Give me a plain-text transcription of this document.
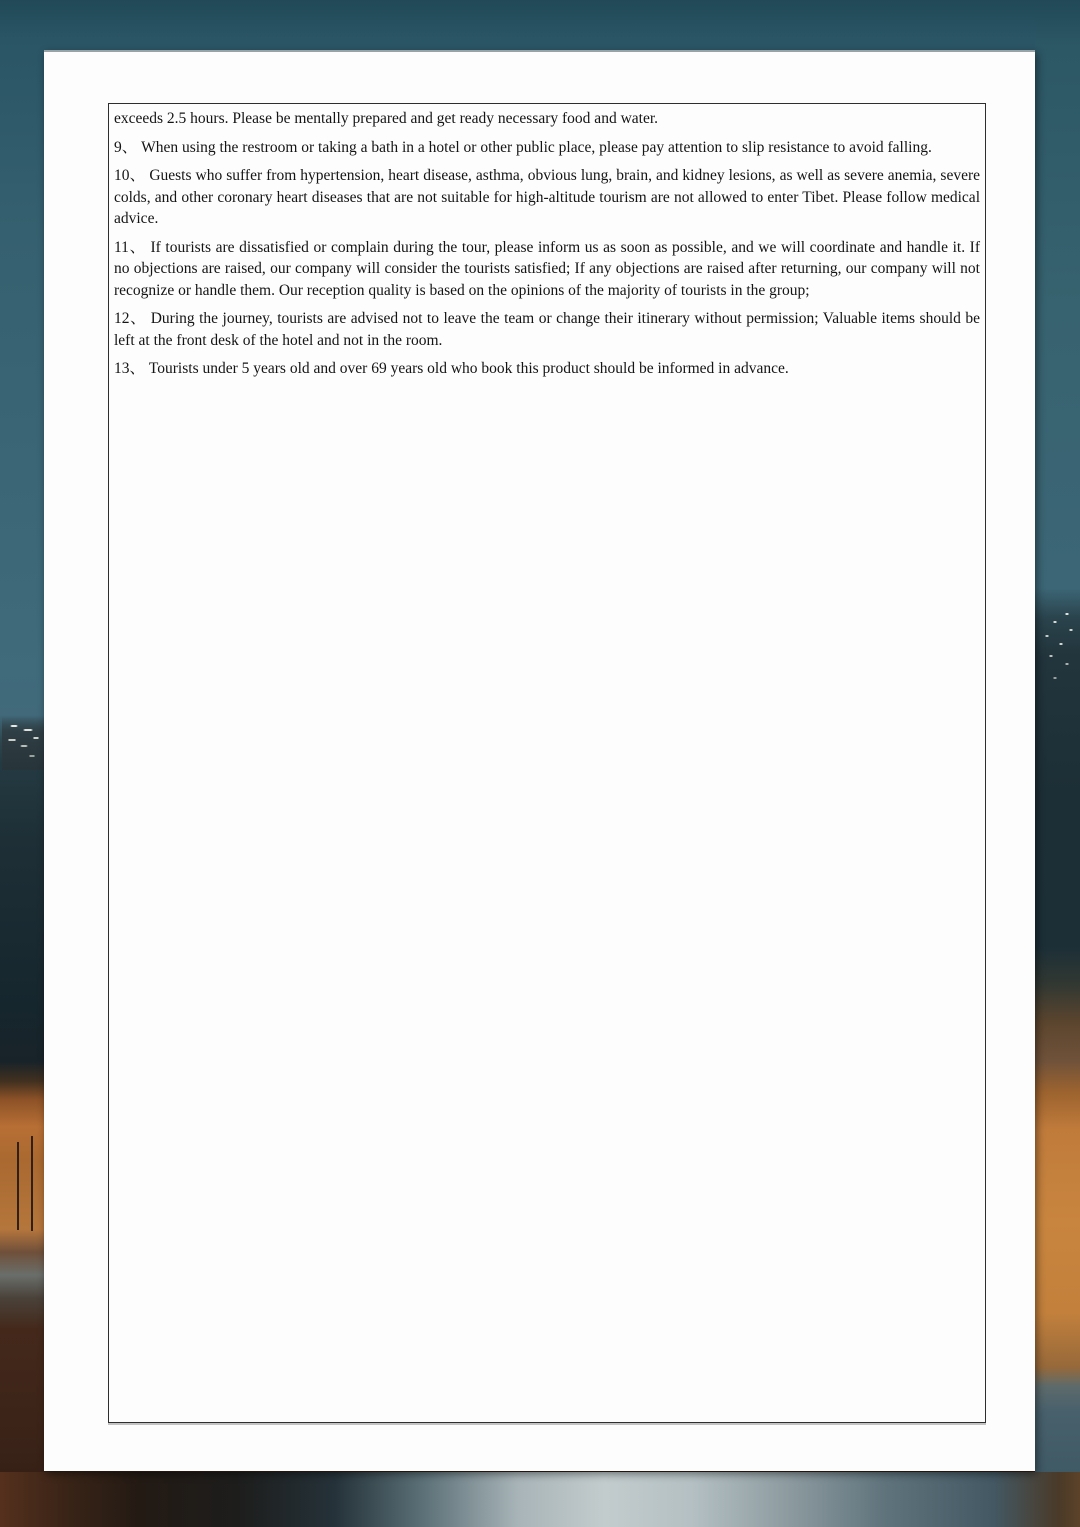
exceeds 2.5 hours. Please be mentally prepared and get ready necessary food and water.

9、 When using the restroom or taking a bath in a hotel or other public place, please pay attention to slip resistance to avoid falling.

10、 Guests who suffer from hypertension, heart disease, asthma, obvious lung, brain, and kidney lesions, as well as severe anemia, severe colds, and other coronary heart diseases that are not suitable for high-altitude tourism are not allowed to enter Tibet. Please follow medical advice.

11、 If tourists are dissatisfied or complain during the tour, please inform us as soon as possible, and we will coordinate and handle it. If no objections are raised, our company will consider the tourists satisfied; If any objections are raised after returning, our company will not recognize or handle them. Our reception quality is based on the opinions of the majority of tourists in the group;

12、 During the journey, tourists are advised not to leave the team or change their itinerary without permission; Valuable items should be left at the front desk of the hotel and not in the room.

13、 Tourists under 5 years old and over 69 years old who book this product should be informed in advance.
